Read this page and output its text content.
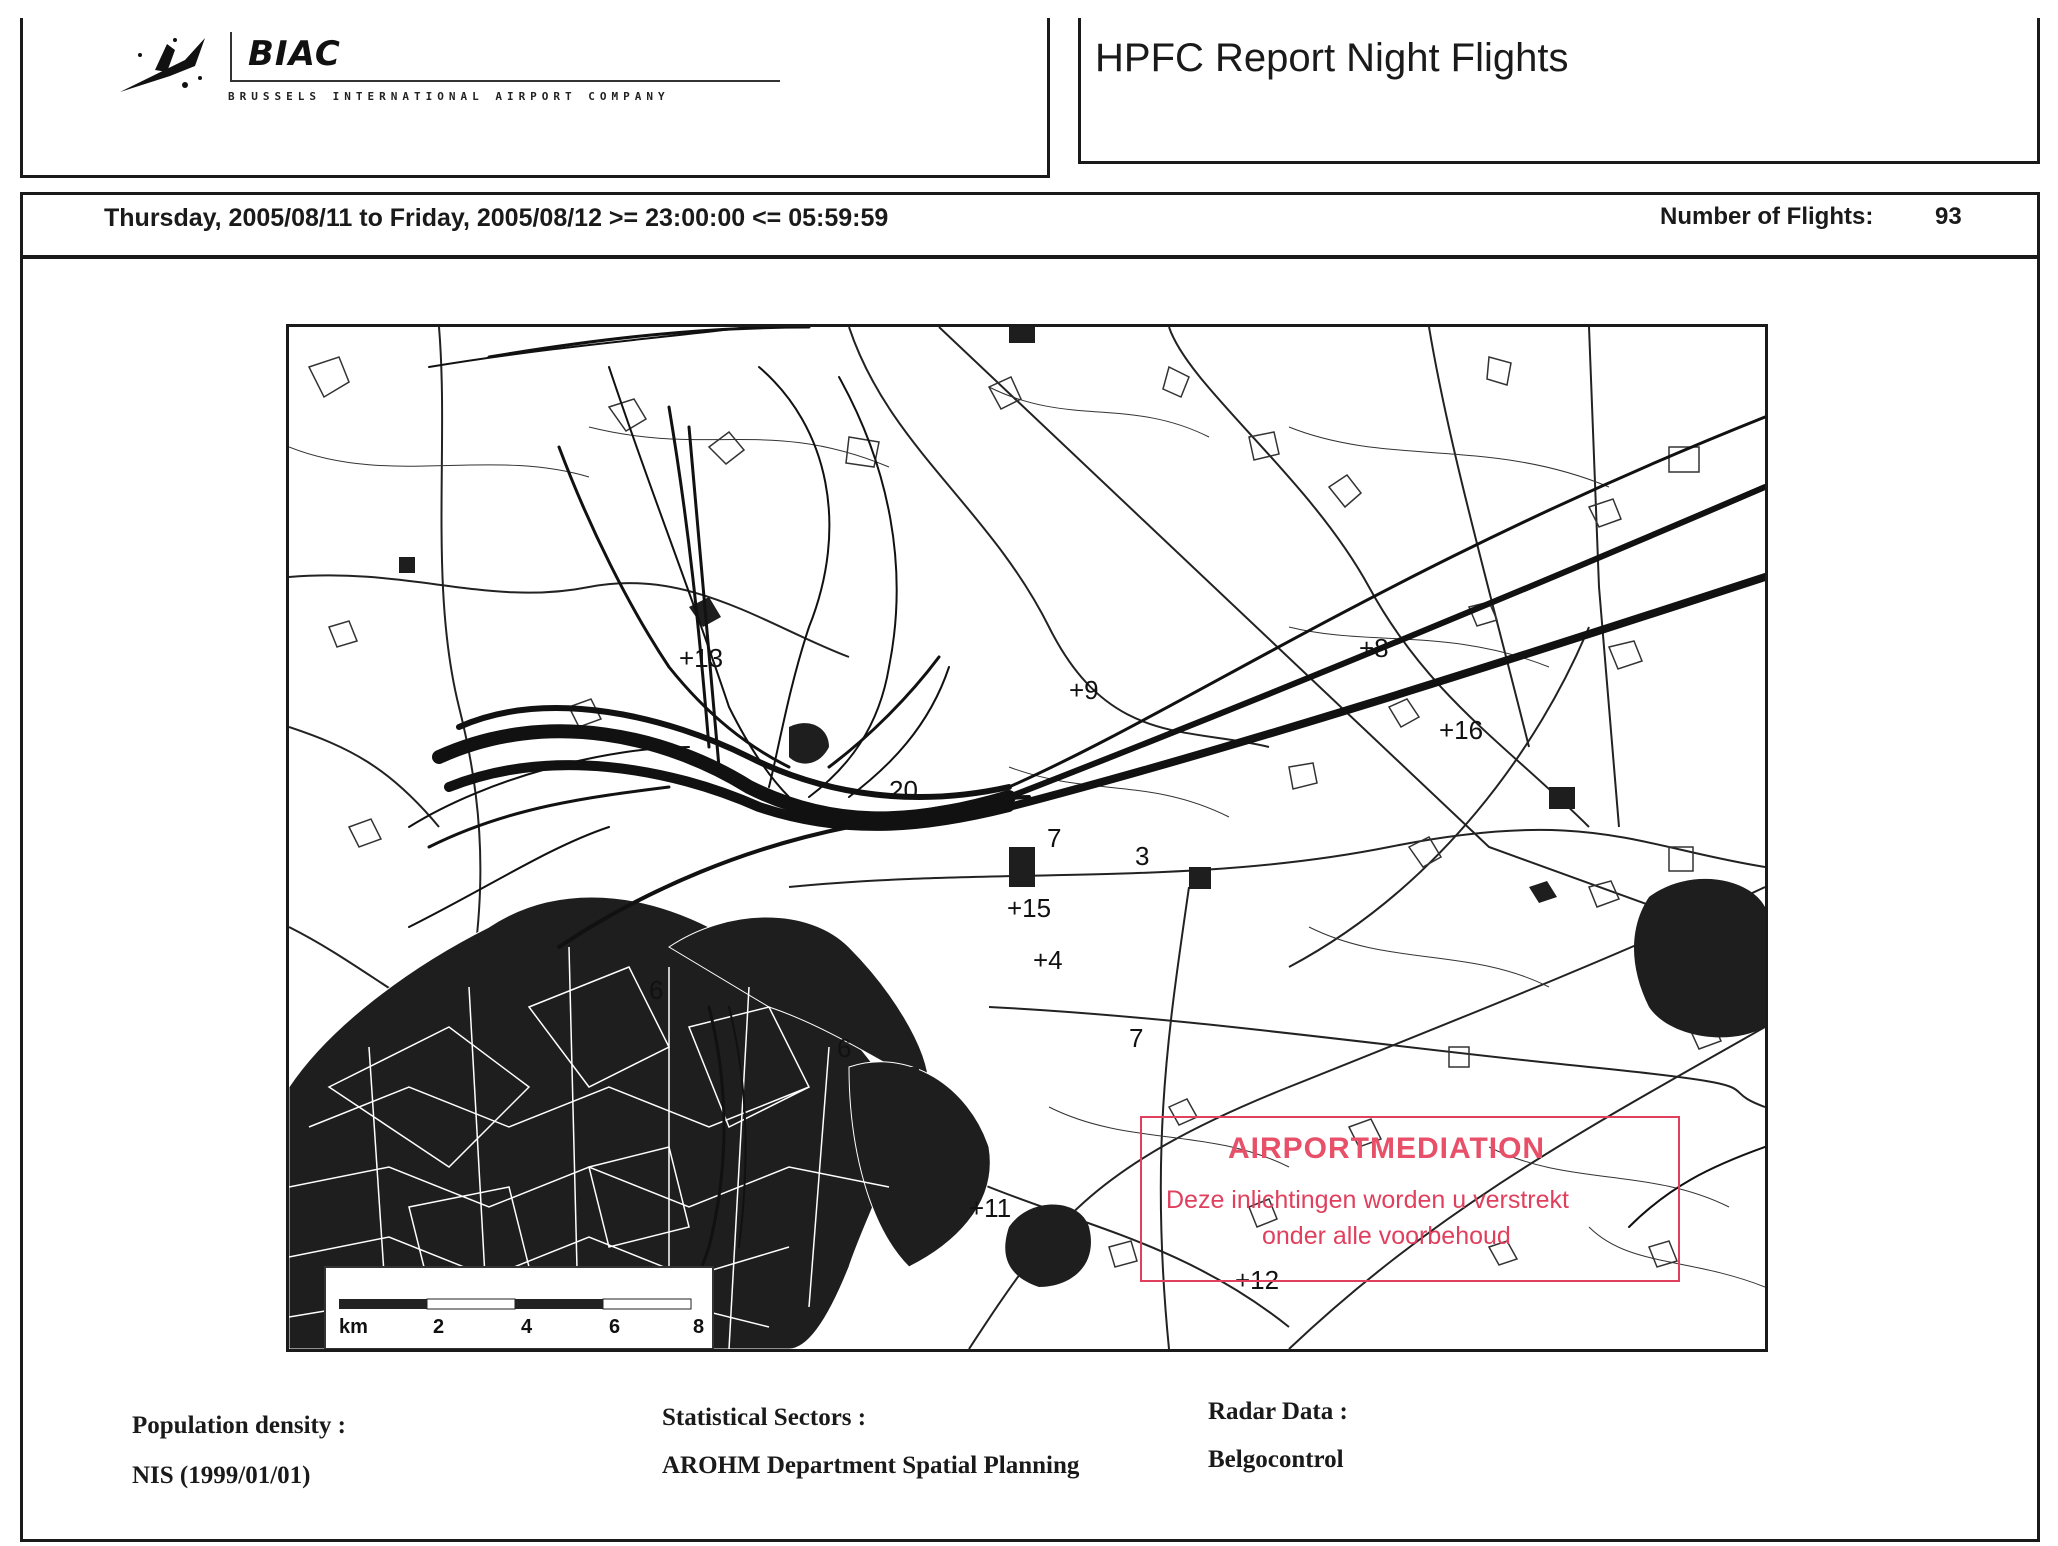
BIAC
BRUSSELS INTERNATIONAL AIRPORT COMPANY
HPFC Report Night Flights
Thursday, 2005/08/11 to Friday, 2005/08/12 >= 23:00:00 <= 05:59:59	Number of Flights:	93
+13
+9
+8
+16
20
7
3
+15
+4
6
6	7
+11
+12
km	2	4	6	8
AIRPORTMEDIATION
Deze inlichtingen worden u verstrekt
onder alle voorbehoud
Population density :
NIS (1999/01/01)
Statistical Sectors :
AROHM Department Spatial Planning
Radar Data :
Belgocontrol
